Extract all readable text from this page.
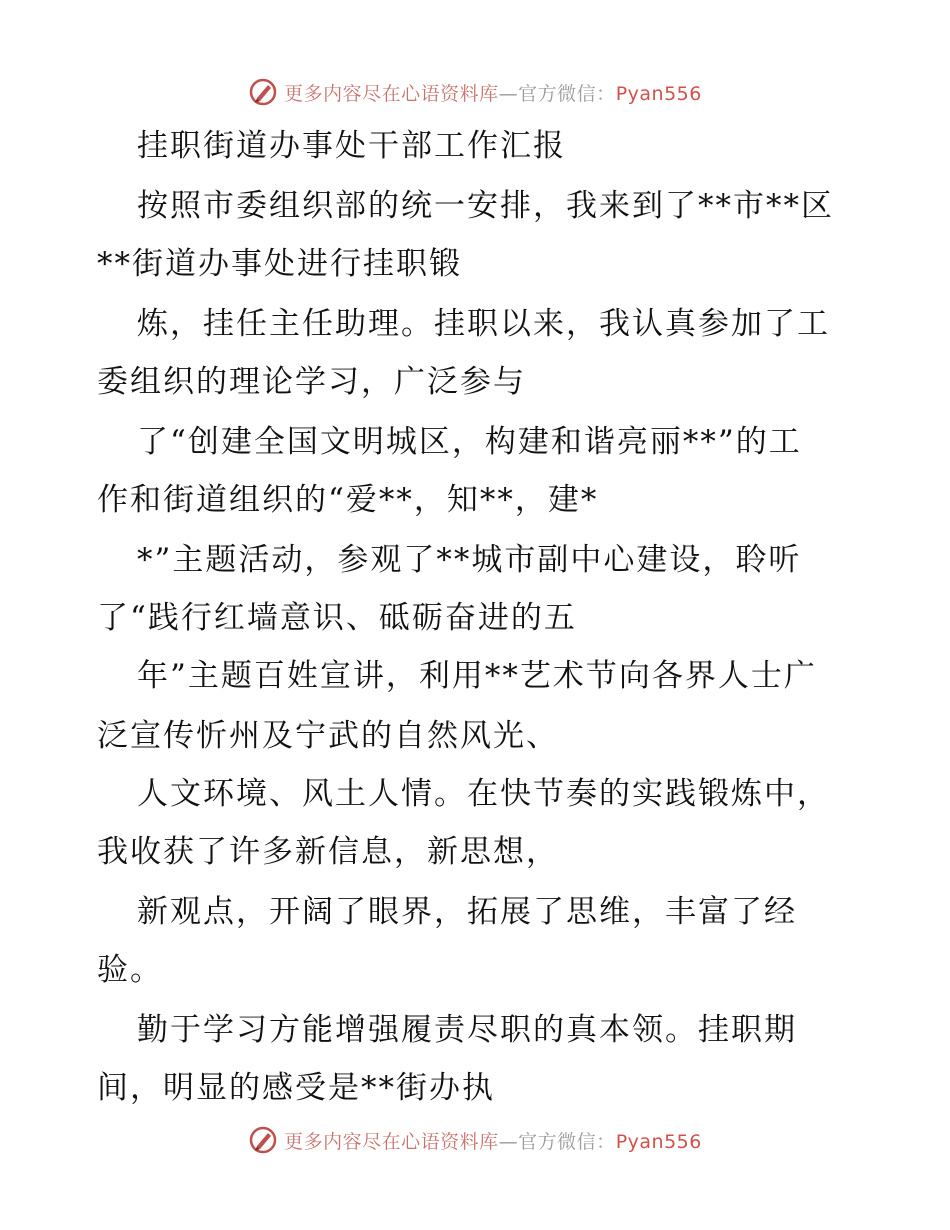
更多内容尽在心语资料库—官方微信：Pyan556
挂职街道办事处干部工作汇报
按照市委组织部的统一安排，我来到了**市**区
**街道办事处进行挂职锻
炼，挂任主任助理。挂职以来，我认真参加了工
委组织的理论学习，广泛参与
了“创建全国文明城区，构建和谐亮丽**”的工
作和街道组织的“爱**，知**，建*
*”主题活动，参观了**城市副中心建设，聆听
了“践行红墙意识、砥砺奋进的五
年”主题百姓宣讲，利用**艺术节向各界人士广
泛宣传忻州及宁武的自然风光、
人文环境、风土人情。在快节奏的实践锻炼中，
我收获了许多新信息，新思想，
新观点，开阔了眼界，拓展了思维，丰富了经
验。
勤于学习方能增强履责尽职的真本领。挂职期
间，明显的感受是**街办执
更多内容尽在心语资料库—官方微信：Pyan556
